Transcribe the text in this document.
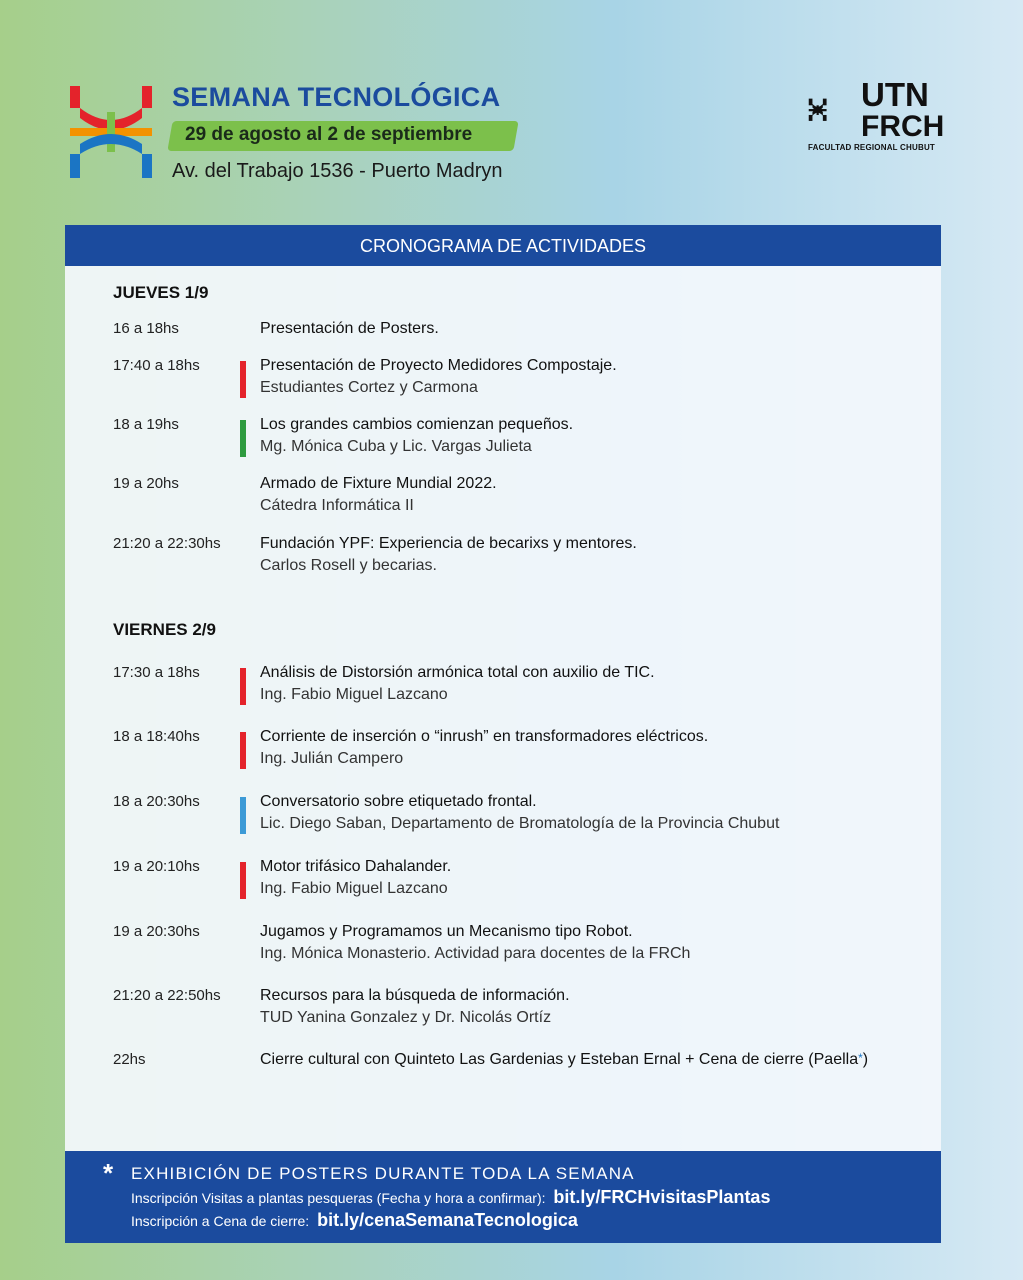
SEMANA TECNOLÓGICA
29 de agosto al 2 de septiembre
Av. del Trabajo 1536 - Puerto Madryn
UTN
FRCH
FACULTAD REGIONAL CHUBUT
CRONOGRAMA DE ACTIVIDADES
JUEVES 1/9
16 a 18hs	Presentación de Posters.
17:40 a 18hs	Presentación de Proyecto Medidores Compostaje.
Estudiantes Cortez y Carmona
18 a 19hs	Los grandes cambios comienzan pequeños.
Mg. Mónica Cuba y Lic. Vargas Julieta
19 a 20hs	Armado de Fixture Mundial 2022.
Cátedra Informática II
21:20 a 22:30hs Fundación YPF: Experiencia de becarixs y mentores.
Carlos Rosell y becarias.
VIERNES 2/9
17:30 a 18hs	Análisis de Distorsión armónica total con auxilio de TIC.
Ing. Fabio Miguel Lazcano
18 a 18:40hs	Corriente de inserción o “inrush” en transformadores eléctricos.
Ing. Julián Campero
18 a 20:30hs	Conversatorio sobre etiquetado frontal.
Lic. Diego Saban, Departamento de Bromatología de la Provincia Chubut
19 a 20:10hs	Motor trifásico Dahalander.
Ing. Fabio Miguel Lazcano
19 a 20:30hs	Jugamos y Programamos un Mecanismo tipo Robot.
Ing. Mónica Monasterio. Actividad para docentes de la FRCh
21:20 a 22:50hs Recursos para la búsqueda de información.
TUD Yanina Gonzalez y Dr. Nicolás Ortíz
22hs	Cierre cultural con Quinteto Las Gardenias y Esteban Ernal + Cena de cierre (Paella*)
* EXHIBICIÓN DE POSTERS DURANTE TODA LA SEMANA
Inscripción Visitas a plantas pesqueras (Fecha y hora a confirmar): bit.ly/FRCHvisitasPlantas
Inscripción a Cena de cierre: bit.ly/cenaSemanaTecnologica
